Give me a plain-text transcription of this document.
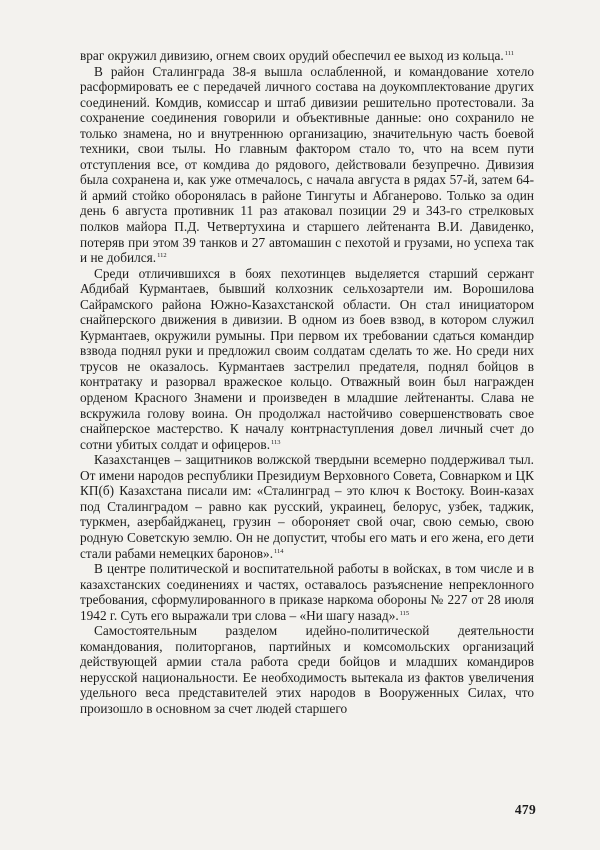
враг окружил дивизию, огнем своих орудий обеспечил ее выход из кольца.$^{111}$

В район Сталинграда 38-я вышла ослабленной, и командование хотело расформировать ее с передачей личного состава на доукомплектование других соединений. Комдив, комиссар и штаб дивизии решительно протестовали. За сохранение соединения говорили и объективные данные: оно сохранило не только знамена, но и внутреннюю организацию, значительную часть боевой техники, свои тылы. Но главным фактором стало то, что на всем пути отступления все, от комдива до рядового, действовали безупречно. Дивизия была сохранена и, как уже отмечалось, с начала августа в рядах 57-й, затем 64-й армий стойко оборонялась в районе Тингуты и Абганерово. Только за один день 6 августа противник 11 раз атаковал позиции 29 и 343-го стрелковых полков майора П.Д. Четвертухина и старшего лейтенанта В.И. Давиденко, потеряв при этом 39 танков и 27 автомашин с пехотой и грузами, но успеха так и не добился.$^{112}$

Среди отличившихся в боях пехотинцев выделяется старший сержант Абдибай Курмантаев, бывший колхозник сельхозартели им. Ворошилова Сайрамского района Южно-Казахстанской области. Он стал инициатором снайперского движения в дивизии. В одном из боев взвод, в котором служил Курмантаев, окружили румыны. При первом их требовании сдаться командир взвода поднял руки и предложил своим солдатам сделать то же. Но среди них трусов не оказалось. Курмантаев застрелил предателя, поднял бойцов в контратаку и разорвал вражеское кольцо. Отважный воин был награжден орденом Красного Знамени и произведен в младшие лейтенанты. Слава не вскружила голову воина. Он продолжал настойчиво совершенствовать свое снайперское мастерство. К началу контрнаступления довел личный счет до сотни убитых солдат и офицеров.$^{113}$

Казахстанцев – защитников волжской твердыни всемерно поддерживал тыл. От имени народов республики Президиум Верховного Совета, Совнарком и ЦК КП(б) Казахстана писали им: «Сталинград – это ключ к Востоку. Воин-казах под Сталинградом – равно как русский, украинец, белорус, узбек, таджик, туркмен, азербайджанец, грузин – обороняет свой очаг, свою семью, свою родную Советскую землю. Он не допустит, чтобы его мать и его жена, его дети стали рабами немецких баронов».$^{114}$

В центре политической и воспитательной работы в войсках, в том числе и в казахстанских соединениях и частях, оставалось разъяснение непреклонного требования, сформулированного в приказе наркома обороны № 227 от 28 июля 1942 г. Суть его выражали три слова – «Ни шагу назад».$^{115}$

Самостоятельным разделом идейно-политической деятельности командования, политорганов, партийных и комсомольских организаций действующей армии стала работа среди бойцов и младших командиров нерусской национальности. Ее необходимость вытекала из фактов увеличения удельного веса представителей этих народов в Вооруженных Силах, что произошло в основном за счет людей старшего

479
